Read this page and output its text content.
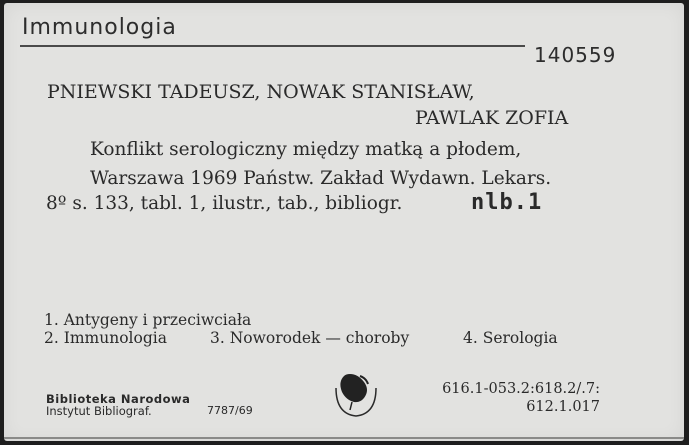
Immunologia
140559
PNIEWSKI TADEUSZ, NOWAK STANISŁAW,
PAWLAK ZOFIA
Konflikt serologiczny między matką a płodem,
Warszawa 1969 Państw. Zakład Wydawn. Lekars.
8º s. 133, tabl. 1, ilustr., tab., bibliogr.	nlb.1
1. Antygeny i przeciwciała
2. Immunologia	3. Noworodek — choroby	4. Serologia
Biblioteka Narodowa
Instytut Bibliograf.	7787/69
616.1-053.2:618.2/.7:
612.1.017
